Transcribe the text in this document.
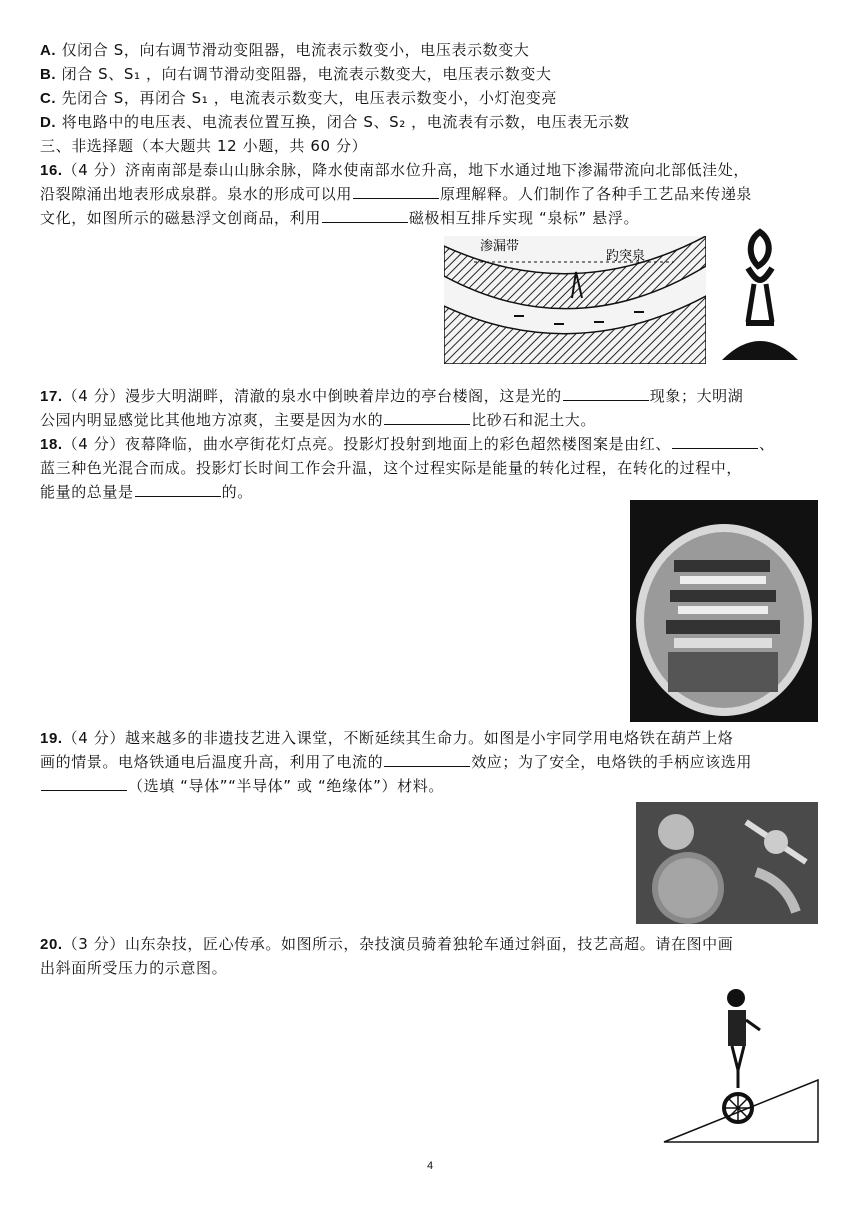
A. 仅闭合 S，向右调节滑动变阻器，电流表示数变小，电压表示数变大
B. 闭合 S、S₁ ，向右调节滑动变阻器，电流表示数变大，电压表示数变大
C. 先闭合 S，再闭合 S₁ ，电流表示数变大，电压表示数变小，小灯泡变亮
D. 将电路中的电压表、电流表位置互换，闭合 S、S₂ ，电流表有示数，电压表无示数
三、非选择题（本大题共 12 小题，共 60 分）
16.（4 分）济南南部是泰山山脉余脉，降水使南部水位升高，地下水通过地下渗漏带流向北部低洼处，
沿裂隙涌出地表形成泉群。泉水的形成可以用	原理解释。人们制作了各种手工艺品来传递泉
文化，如图所示的磁悬浮文创商品，利用	磁极相互排斥实现 “泉标” 悬浮。
渗漏带
趵突泉
17.（4 分）漫步大明湖畔，清澈的泉水中倒映着岸边的亭台楼阁，这是光的	现象；大明湖
公园内明显感觉比其他地方凉爽，主要是因为水的	比砂石和泥土大。
18.（4 分）夜幕降临，曲水亭街花灯点亮。投影灯投射到地面上的彩色超然楼图案是由红、	、
蓝三种色光混合而成。投影灯长时间工作会升温，这个过程实际是能量的转化过程，在转化的过程中，
能量的总量是	的。
19.（4 分）越来越多的非遗技艺进入课堂，不断延续其生命力。如图是小宇同学用电烙铁在葫芦上烙
画的情景。电烙铁通电后温度升高，利用了电流的	效应；为了安全，电烙铁的手柄应该选用
（选填 “导体”“半导体” 或 “绝缘体”）材料。
20.（3 分）山东杂技，匠心传承。如图所示，杂技演员骑着独轮车通过斜面，技艺高超。请在图中画
出斜面所受压力的示意图。
4
